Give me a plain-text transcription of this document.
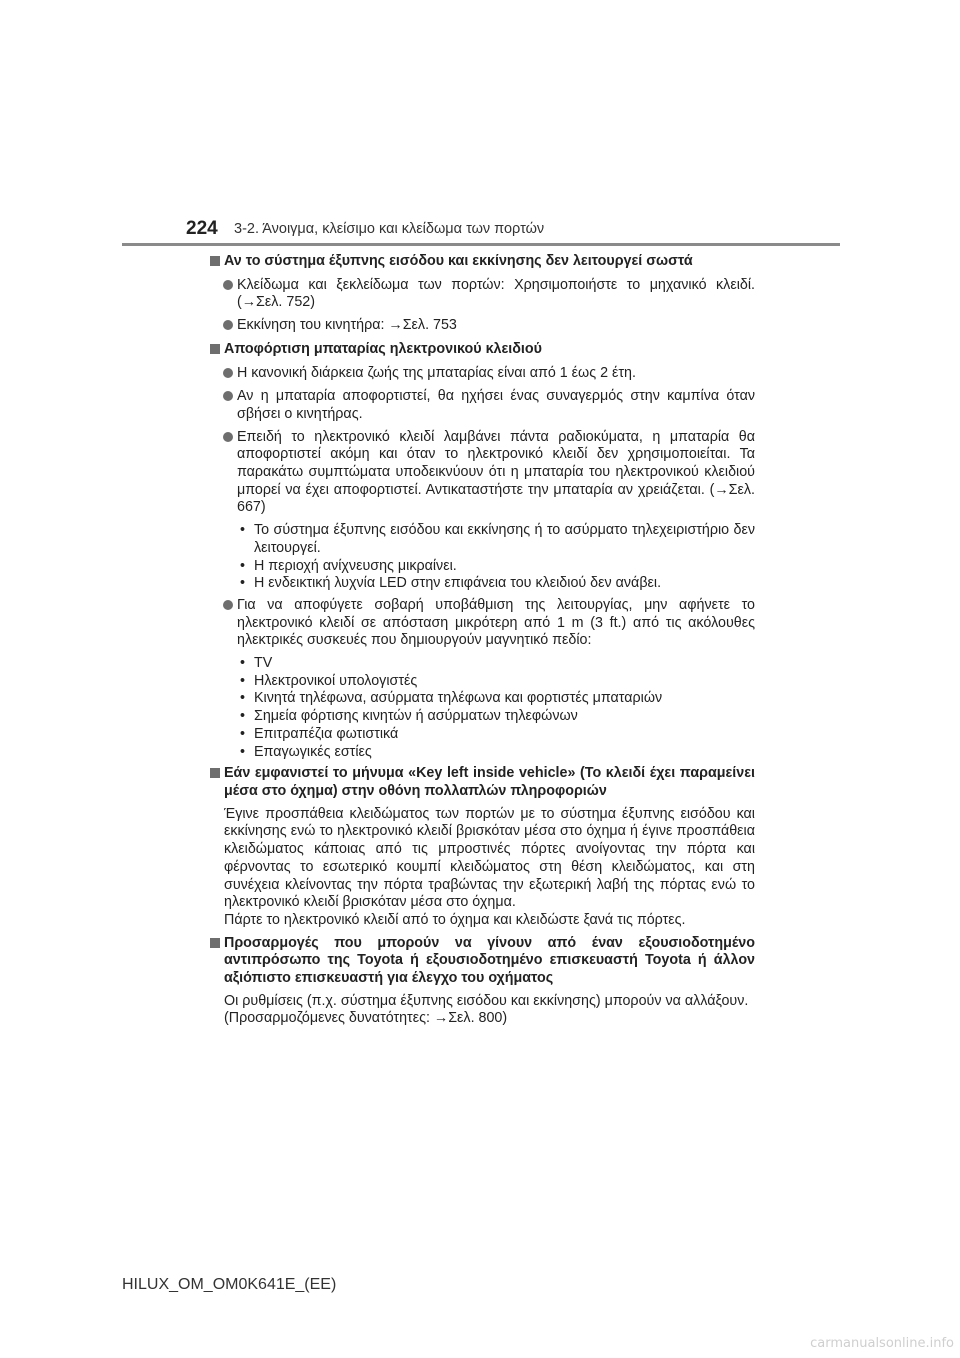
224 3-2. Άνοιγμα, κλείσιμο και κλείδωμα των πορτών
Αν το σύστημα έξυπνης εισόδου και εκκίνησης δεν λειτουργεί σωστά
Κλείδωμα και ξεκλείδωμα των πορτών: Χρησιμοποιήστε το μηχανικό κλειδί. (→Σελ. 752)
Εκκίνηση του κινητήρα: →Σελ. 753
Αποφόρτιση μπαταρίας ηλεκτρονικού κλειδιού
Η κανονική διάρκεια ζωής της μπαταρίας είναι από 1 έως 2 έτη.
Αν η μπαταρία αποφορτιστεί, θα ηχήσει ένας συναγερμός στην καμπίνα όταν σβήσει ο κινητήρας.
Επειδή το ηλεκτρονικό κλειδί λαμβάνει πάντα ραδιοκύματα, η μπαταρία θα αποφορτιστεί ακόμη και όταν το ηλεκτρονικό κλειδί δεν χρησιμοποιείται. Τα παρακάτω συμπτώματα υποδεικνύουν ότι η μπαταρία του ηλεκτρονικού κλειδιού μπορεί να έχει αποφορτιστεί. Αντικαταστήστε την μπαταρία αν χρειάζεται. (→Σελ. 667)
• Το σύστημα έξυπνης εισόδου και εκκίνησης ή το ασύρματο τηλεχειριστήριο δεν λειτουργεί.
• Η περιοχή ανίχνευσης μικραίνει.
• Η ενδεικτική λυχνία LED στην επιφάνεια του κλειδιού δεν ανάβει.
Για να αποφύγετε σοβαρή υποβάθμιση της λειτουργίας, μην αφήνετε το ηλεκτρονικό κλειδί σε απόσταση μικρότερη από 1 m (3 ft.) από τις ακόλουθες ηλεκτρικές συσκευές που δημιουργούν μαγνητικό πεδίο:
• TV
• Ηλεκτρονικοί υπολογιστές
• Κινητά τηλέφωνα, ασύρματα τηλέφωνα και φορτιστές μπαταριών
• Σημεία φόρτισης κινητών ή ασύρματων τηλεφώνων
• Επιτραπέζια φωτιστικά
• Επαγωγικές εστίες
Εάν εμφανιστεί το μήνυμα «Key left inside vehicle» (Το κλειδί έχει παραμείνει μέσα στο όχημα) στην οθόνη πολλαπλών πληροφοριών
Έγινε προσπάθεια κλειδώματος των πορτών με το σύστημα έξυπνης εισόδου και εκκίνησης ενώ το ηλεκτρονικό κλειδί βρισκόταν μέσα στο όχημα ή έγινε προσπάθεια κλειδώματος κάποιας από τις μπροστινές πόρτες ανοίγοντας την πόρτα και φέρνοντας το εσωτερικό κουμπί κλειδώματος στη θέση κλειδώματος, και στη συνέχεια κλείνοντας την πόρτα τραβώντας την εξωτερική λαβή της πόρτας ενώ το ηλεκτρονικό κλειδί βρισκόταν μέσα στο όχημα.
Πάρτε το ηλεκτρονικό κλειδί από το όχημα και κλειδώστε ξανά τις πόρτες.
Προσαρμογές που μπορούν να γίνουν από έναν εξουσιοδοτημένο αντιπρόσωπο της Toyota ή εξουσιοδοτημένο επισκευαστή Toyota ή άλλον αξιόπιστο επισκευαστή για έλεγχο του οχήματος
Οι ρυθμίσεις (π.χ. σύστημα έξυπνης εισόδου και εκκίνησης) μπορούν να αλλάξουν.
(Προσαρμοζόμενες δυνατότητες: →Σελ. 800)
HILUX_OM_OM0K641E_(EE)
carmanualsonline.info
